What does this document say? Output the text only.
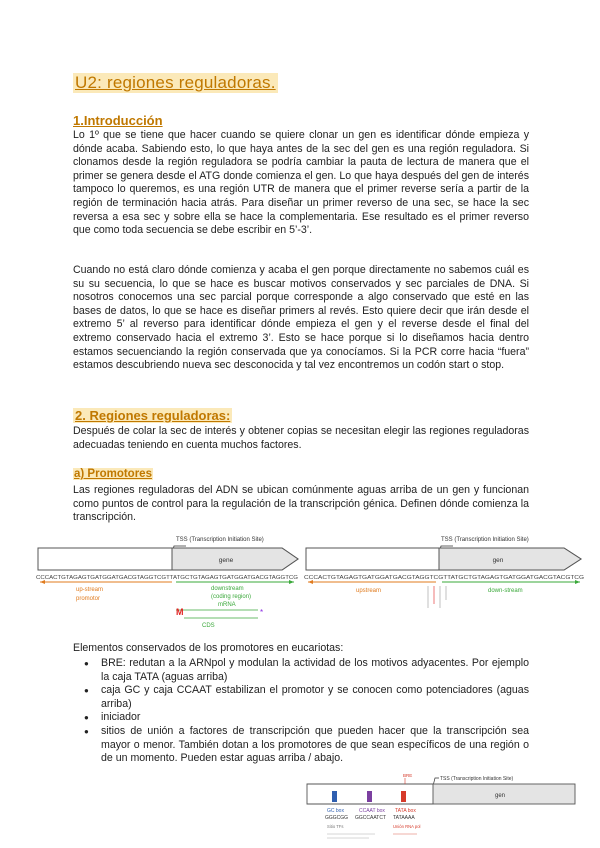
U2: regiones reguladoras.
1.Introducción

Lo 1º que se tiene que hacer cuando se quiere clonar un gen es identificar dónde empieza y dónde acaba. Sabiendo esto, lo que haya antes de la sec del gen es una región reguladora. Si clonamos desde la región reguladora se podría cambiar la pauta de lectura de manera que el primer se genera desde el ATG donde comienza el gen. Lo que haya después del gen de interés tampoco lo queremos, es una región UTR de manera que el primer reverse sería a partir de la región de terminación hacia atrás. Para diseñar un primer reverso de una sec, se hace la sec reversa a esa sec y sobre ella se hace la complementaria. Ese resultado es el primer reverso que como toda secuencia se debe escribir en 5’-3’.

Cuando no está claro dónde comienza y acaba el gen porque directamente no sabemos cuál es su su secuencia, lo que se hace es buscar motivos conservados y sec parciales de DNA. Si nosotros conocemos una sec parcial porque corresponde a algo conservado que esté en las bases de datos, lo que se hace es diseñar primers al revés. Esto quiere decir que irán desde el extremo 5’ al reverso para identificar dónde empieza el gen y el reverse desde el final del extremo conservado hacia el extremo 3’. Esto se hace porque si lo diseñamos hacia dentro estamos secuenciando la región conservada que ya conocíamos. Si la PCR corre hacia “fuera” estamos descubriendo nueva sec desconocida y tal vez encontremos un codón start o stop.

2. Regiones reguladoras:

Después de colar la sec de interés y obtener copias se necesitan elegir las regiones reguladoras adecuadas teniendo en cuenta muchos factores.

a) Promotores

Las regiones reguladoras del ADN se ubican comúnmente aguas arriba de un gen y funcionan como puntos de control para la regulación de la transcripción génica. Definen dónde comienza la transcripción.

Elementos conservados de los promotores en eucariotas:

● BRE: redutan a la ARNpol y modulan la actividad de los motivos adyacentes. Por ejemplo la caja TATA (aguas arriba)
● caja GC y caja CCAAT estabilizan el promotor y se conocen como potenciadores (aguas arriba)
● iniciador
● sitios de unión a factores de transcripción que pueden hacer que la transcripción sea mayor o menor. También dotan a los promotores de que sean específicos de una región o de un momento. Pueden estar aguas arriba / abajo.
TSS (Transcription Initiation Site)
gene
CCCACTGTAGAGTGATGGATGACGTAGGTCGTTATGCTGTAGAGTGATGGATGACGTAGGTCG
up-stream
promotor
downstream
(coding region)
mRNA
M	*
CDS
TSS (Transcription Initiation Site)
gen
CCCACTGTAGAGTGATGGATGACGTAGGTCGTTATGCTGTAGAGTGATGGATGACGTACGTCG
upstream	down-stream
TSS (Transcription Initiation Site)
gen
BRE
GC box
GGGCGG
Sitio TFs
CCAAT box
GGCCAATCT
TATA box
TATAAAA
Unión RNA pol
